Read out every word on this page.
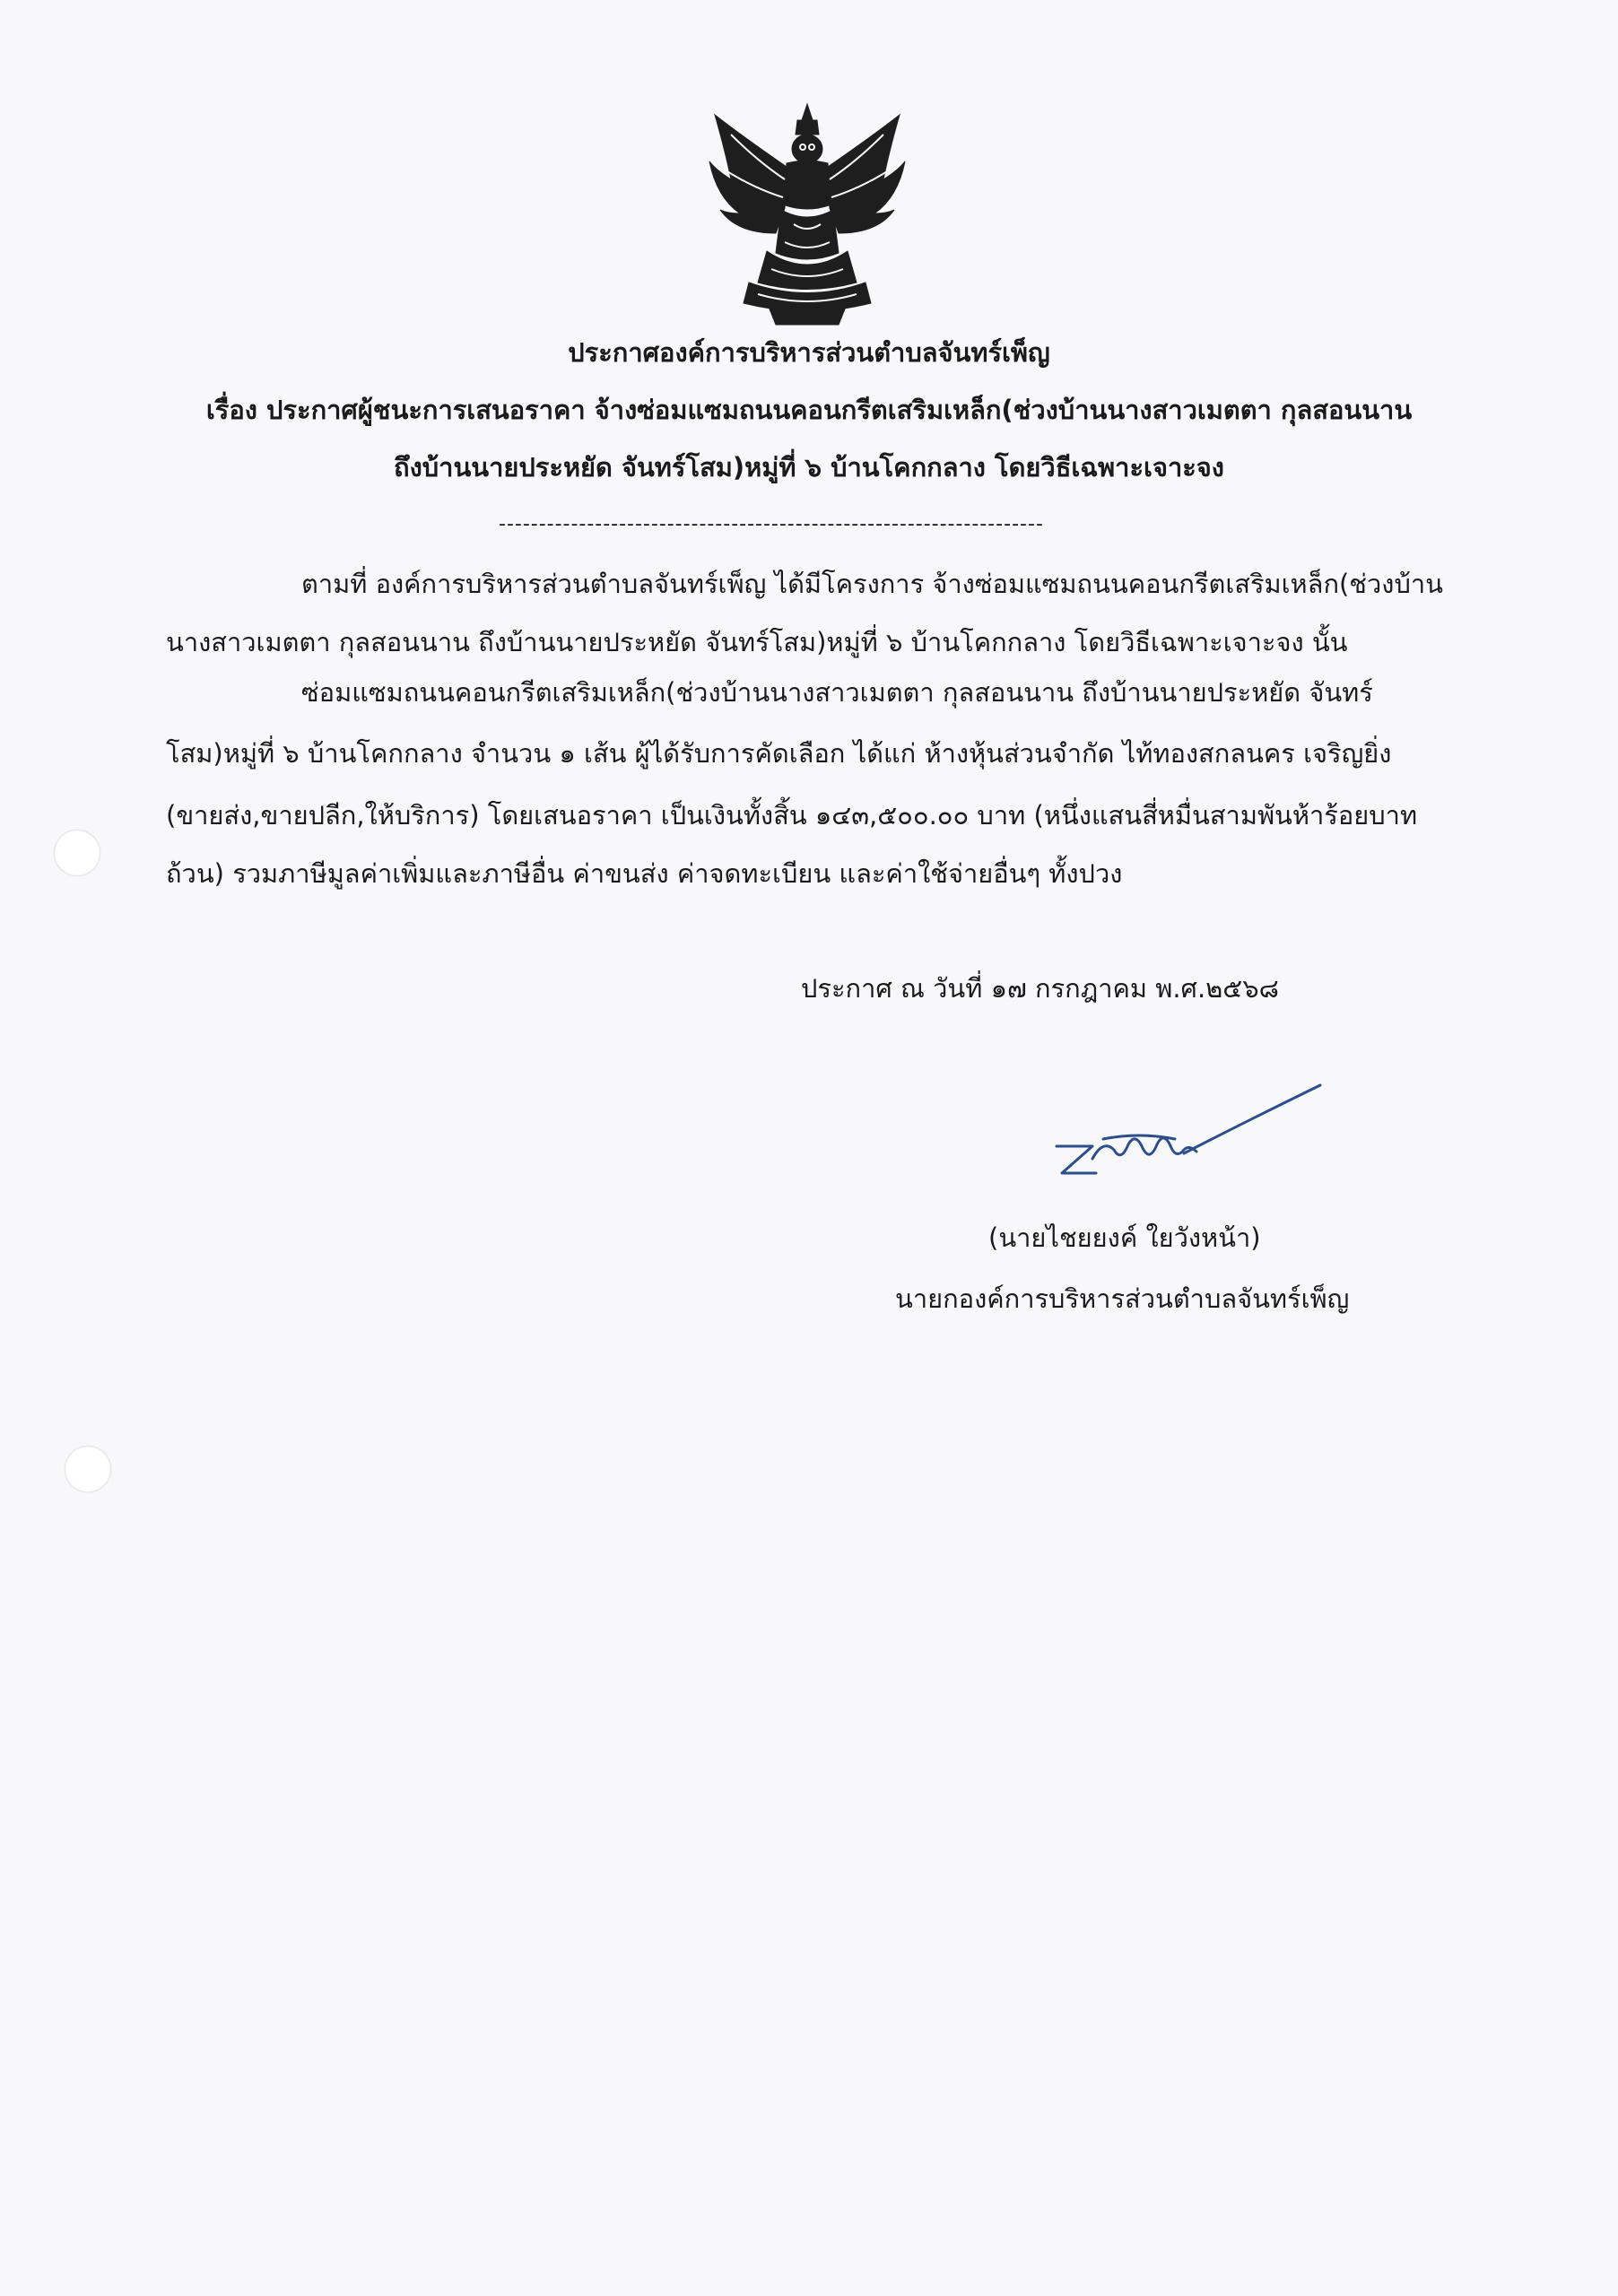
ประกาศองค์การบริหารส่วนตำบลจันทร์เพ็ญ
เรื่อง ประกาศผู้ชนะการเสนอราคา จ้างซ่อมแซมถนนคอนกรีตเสริมเหล็ก(ช่วงบ้านนางสาวเมตตา กุลสอนนาน
ถึงบ้านนายประหยัด จันทร์โสม)หมู่ที่ ๖ บ้านโคกกลาง โดยวิธีเฉพาะเจาะจง
--------------------------------------------------------------------
ตามที่ องค์การบริหารส่วนตำบลจันทร์เพ็ญ ได้มีโครงการ จ้างซ่อมแซมถนนคอนกรีตเสริมเหล็ก(ช่วงบ้าน
นางสาวเมตตา กุลสอนนาน ถึงบ้านนายประหยัด จันทร์โสม)หมู่ที่ ๖ บ้านโคกกลาง โดยวิธีเฉพาะเจาะจง นั้น
ซ่อมแซมถนนคอนกรีตเสริมเหล็ก(ช่วงบ้านนางสาวเมตตา กุลสอนนาน ถึงบ้านนายประหยัด จันทร์
โสม)หมู่ที่ ๖ บ้านโคกกลาง จำนวน ๑ เส้น ผู้ได้รับการคัดเลือก ได้แก่ ห้างหุ้นส่วนจำกัด ไท้ทองสกลนคร เจริญยิ่ง
(ขายส่ง,ขายปลีก,ให้บริการ) โดยเสนอราคา เป็นเงินทั้งสิ้น ๑๔๓,๕๐๐.๐๐ บาท (หนึ่งแสนสี่หมื่นสามพันห้าร้อยบาท
ถ้วน) รวมภาษีมูลค่าเพิ่มและภาษีอื่น ค่าขนส่ง ค่าจดทะเบียน และค่าใช้จ่ายอื่นๆ ทั้งปวง
ประกาศ ณ วันที่ ๑๗ กรกฎาคม พ.ศ.๒๕๖๘
(นายไชยยงค์ ใยวังหน้า)
นายกองค์การบริหารส่วนตำบลจันทร์เพ็ญ
